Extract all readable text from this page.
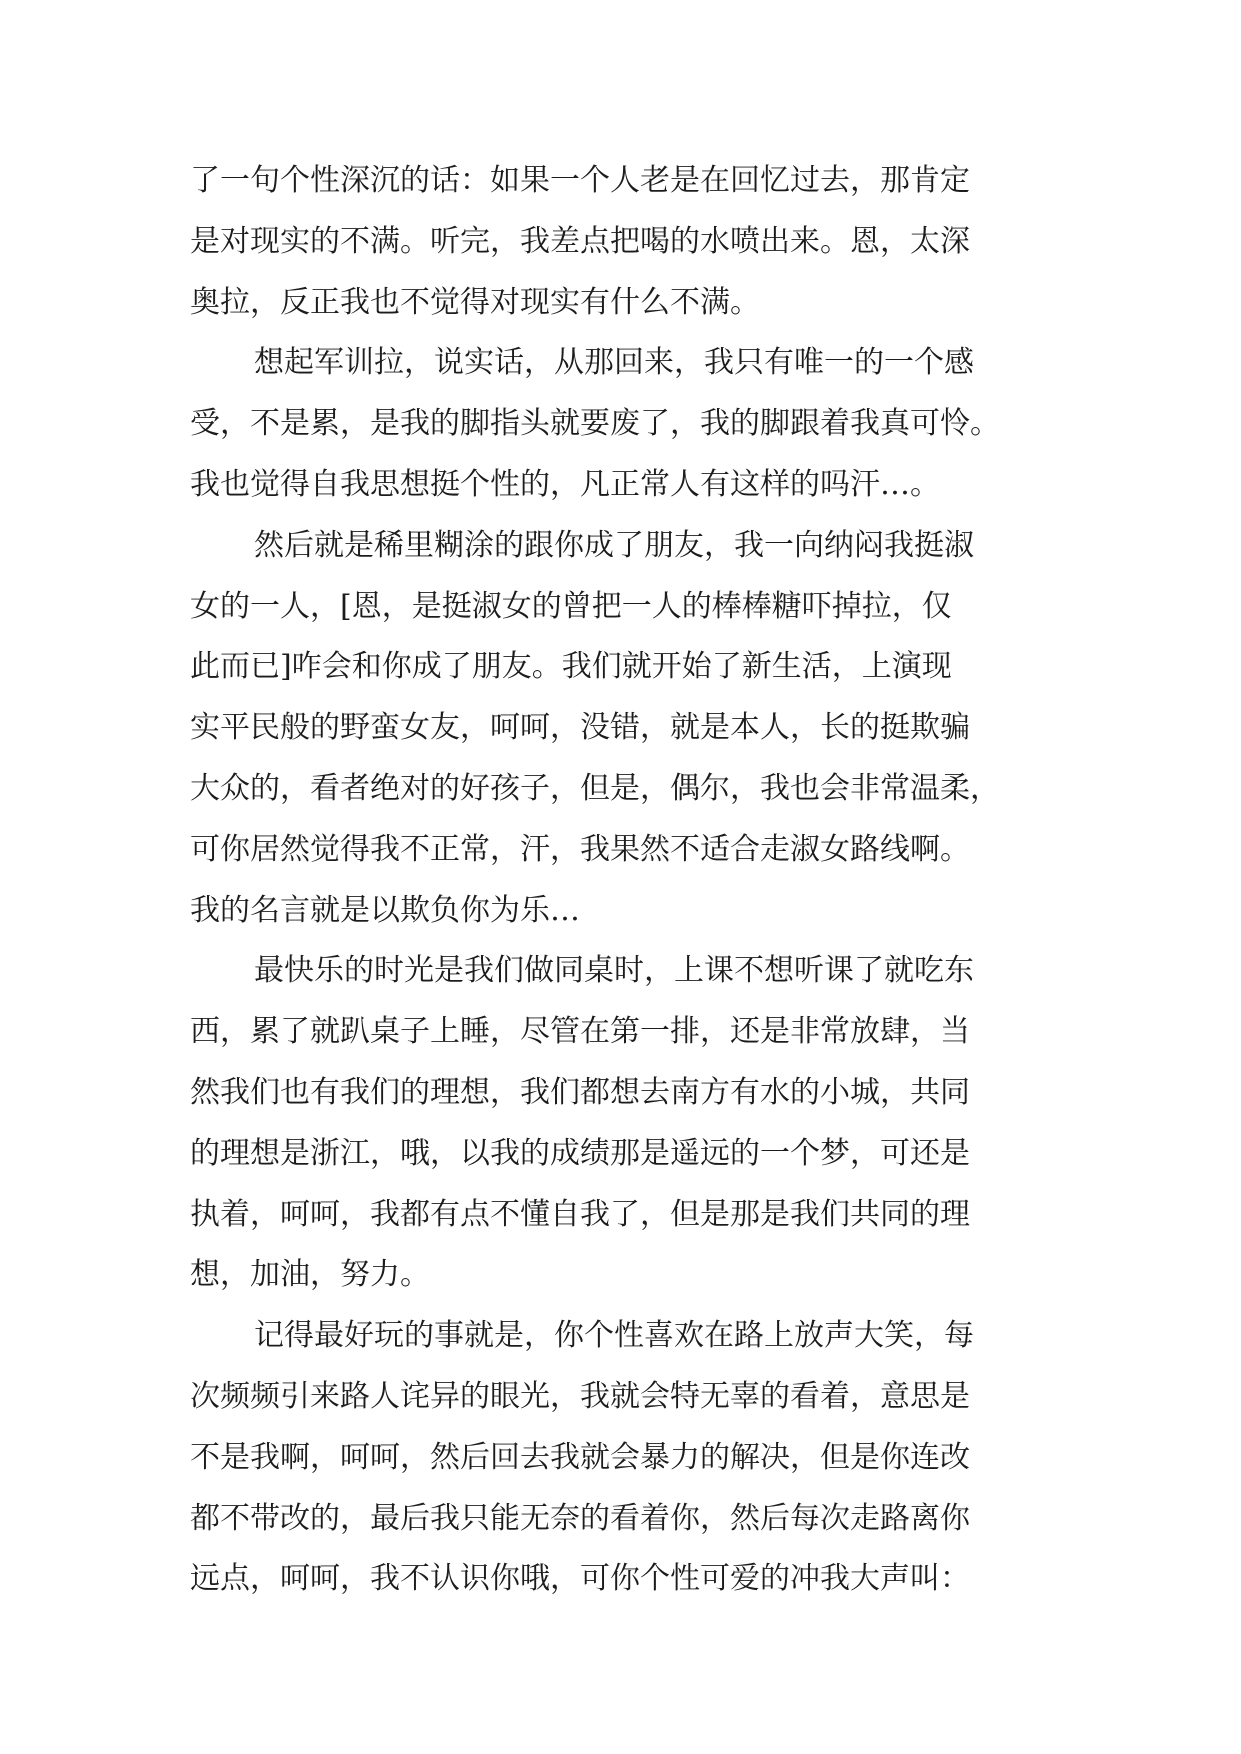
了一句个性深沉的话：如果一个人老是在回忆过去，那肯定
是对现实的不满。听完，我差点把喝的水喷出来。恩，太深
奥拉，反正我也不觉得对现实有什么不满。
想起军训拉，说实话，从那回来，我只有唯一的一个感
受，不是累，是我的脚指头就要废了，我的脚跟着我真可怜。
我也觉得自我思想挺个性的，凡正常人有这样的吗汗…。
然后就是稀里糊涂的跟你成了朋友，我一向纳闷我挺淑
女的一人，[恩，是挺淑女的曾把一人的棒棒糖吓掉拉，仅
此而已]咋会和你成了朋友。我们就开始了新生活，上演现
实平民般的野蛮女友，呵呵，没错，就是本人，长的挺欺骗
大众的，看者绝对的好孩子，但是，偶尔，我也会非常温柔，
可你居然觉得我不正常，汗，我果然不适合走淑女路线啊。
我的名言就是以欺负你为乐…
最快乐的时光是我们做同桌时，上课不想听课了就吃东
西，累了就趴桌子上睡，尽管在第一排，还是非常放肆，当
然我们也有我们的理想，我们都想去南方有水的小城，共同
的理想是浙江，哦，以我的成绩那是遥远的一个梦，可还是
执着，呵呵，我都有点不懂自我了，但是那是我们共同的理
想，加油，努力。
记得最好玩的事就是，你个性喜欢在路上放声大笑，每
次频频引来路人诧异的眼光，我就会特无辜的看着，意思是
不是我啊，呵呵，然后回去我就会暴力的解决，但是你连改
都不带改的，最后我只能无奈的看着你，然后每次走路离你
远点，呵呵，我不认识你哦，可你个性可爱的冲我大声叫：
